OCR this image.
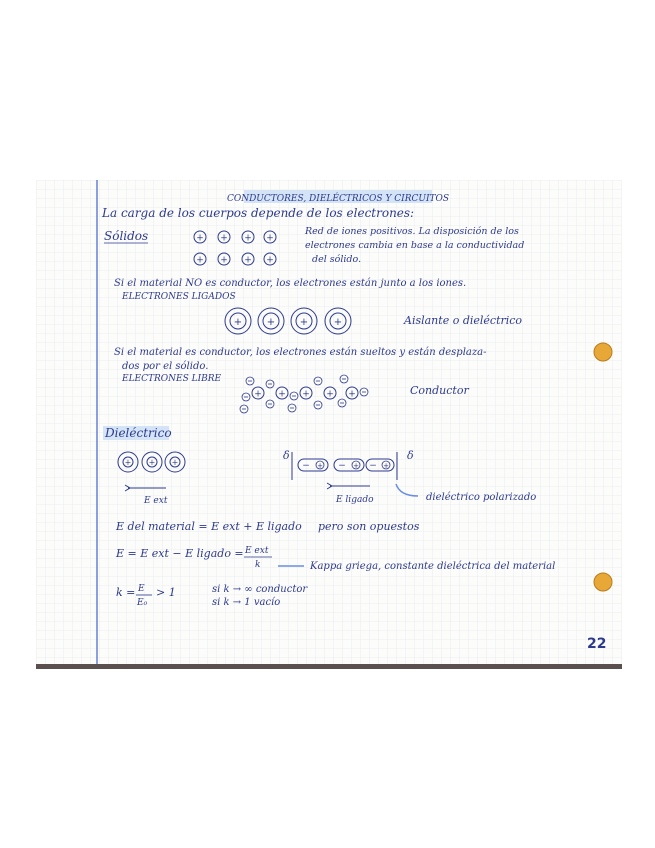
CONDUCTORES, DIELÉCTRICOS Y CIRCUITOS
La carga de los cuerpos depende de los electrones:
Sólidos	+ + + +
+ + + +
Red de iones positivos. La disposición de los
electrones cambia en base a la conductividad
del sólido.
Si el material NO es conductor, los electrones están junto a los iones.
ELECTRONES LIGADOS
+ + +	+	Aislante o dieléctrico
Si el material es conductor, los electrones están sueltos y están desplaza-
dos por el sólido.
ELECTRONES LIBRE
+ + + + +	Conductor
Dieléctrico
+ + +
E ext
δ	δ
− + − + − +
E ligado	dieléctrico polarizado
E del material = E ext + E ligado pero son opuestos
E = E ext − E ligado = E ext
k	Kappa griega, constante dieléctrica del material
k = E
E₀
> 1	si k → ∞ conductor
si k → 1 vacío
22
